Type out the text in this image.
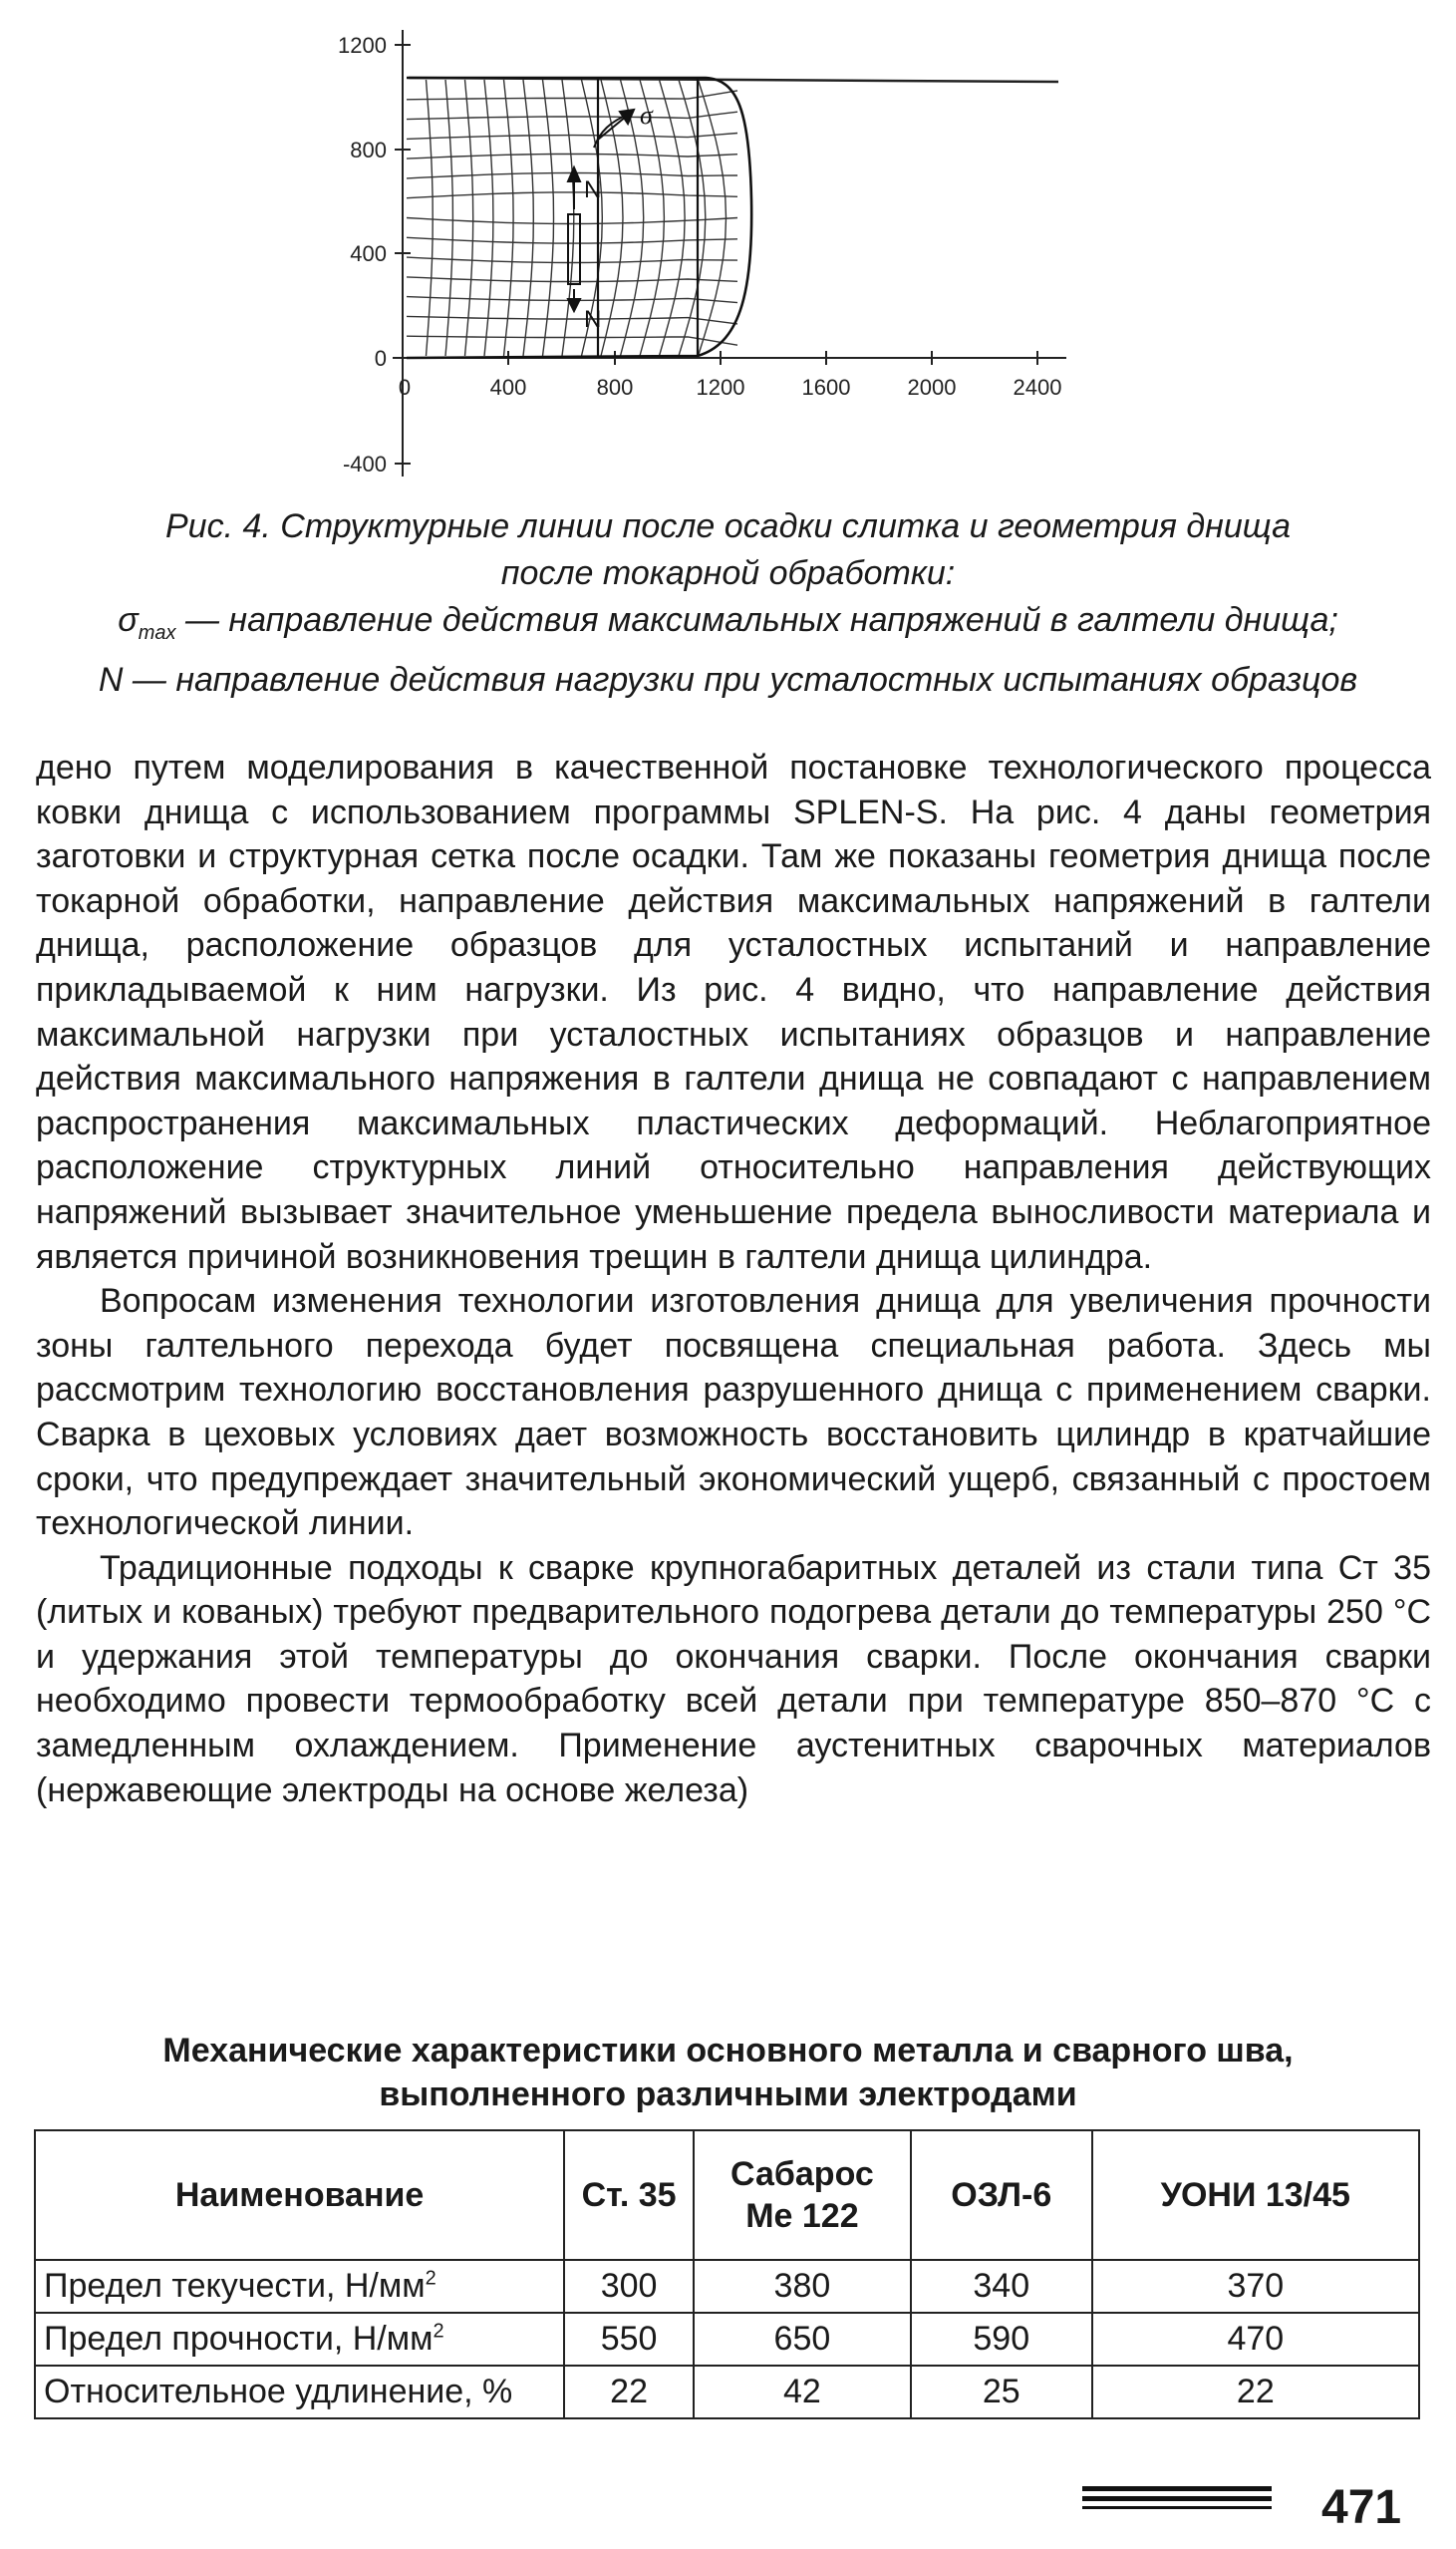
1200
800
400
0
-400
0	400	800	1200	1600	2000	2400
σ
N
N
Рис. 4. Структурные линии после осадки слитка и геометрия днища
после токарной обработки:
$\sigma_{max}$ — направление действия максимальных напряжений в галтели днища;
N — направление действия нагрузки при усталостных испытаниях образцов

дено путем моделирования в качественной постановке технологического процесса ковки днища с использованием программы SPLEN-S. На рис. 4 даны геометрия заготовки и структурная сетка после осадки. Там же показаны геометрия днища после токарной обработки, направление действия максимальных напряжений в галтели днища, расположение образцов для усталостных испытаний и направление прикладываемой к ним нагрузки. Из рис. 4 видно, что направление действия максимальной нагрузки при усталостных испытаниях образцов и направление действия максимального напряжения в галтели днища не совпадают с направлением распространения максимальных пластических деформаций. Неблагоприятное расположение структурных линий относительно направления действующих напряжений вызывает значительное уменьшение предела выносливости материала и является причиной возникновения трещин в галтели днища цилиндра.

Вопросам изменения технологии изготовления днища для увеличения прочности зоны галтельного перехода будет посвящена специальная работа. Здесь мы рассмотрим технологию восстановления разрушенного днища с применением сварки. Сварка в цеховых условиях дает возможность восстановить цилиндр в кратчайшие сроки, что предупреждает значительный экономический ущерб, связанный с простоем технологической линии.

Традиционные подходы к сварке крупногабаритных деталей из стали типа Ст 35 (литых и кованых) требуют предварительного подогрева детали до температуры 250 °С и удержания этой температуры до окончания сварки. После окончания сварки необходимо провести термообработку всей детали при температуре 850–870 °С с замедленным охлаждением. Применение аустенитных сварочных материалов (нержавеющие электроды на основе железа)

Механические характеристики основного металла и сварного шва,
выполненного различными электродами
Наименование	Ст. 35	Сабарос Me 122	ОЗЛ-6	УОНИ 13/45
Предел текучести, $Н/мм^2$	300	380	340	370
Предел прочности, $Н/мм^2$	550	650	590	470
Относительное удлинение, %	22	42	25	22
471
